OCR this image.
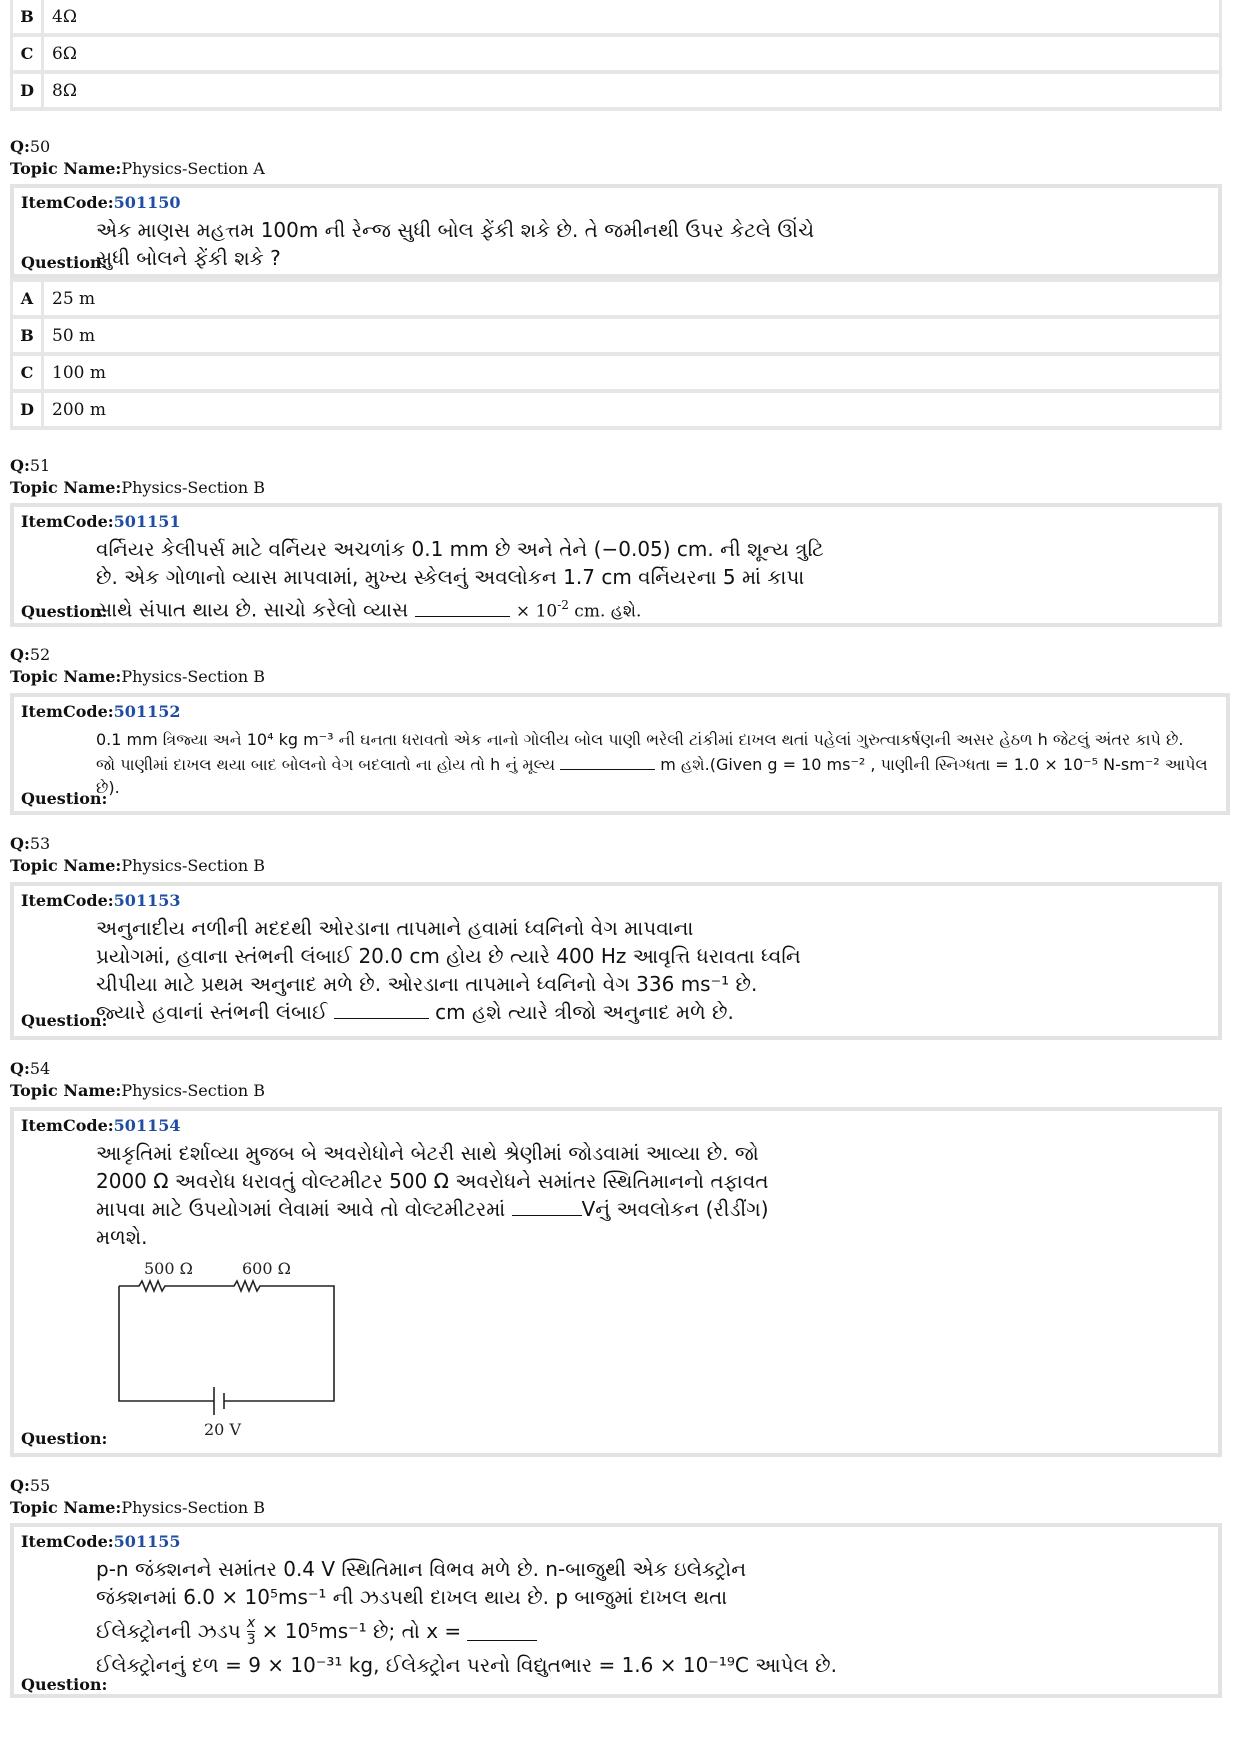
B	4Ω
C	6Ω
D	8Ω
Q:50
Topic Name:Physics-Section A
ItemCode:501150
એક માણસ મહત્તમ 100m ની રેન્જ સુધી બોલ ફેંકી શકે છે. તે જમીનથી ઉપર કેટલે ઊંચે
સુધી બોલને ફેંકી શકે ?
Question:
A	25 m
B	50 m
C	100 m
D	200 m
Q:51
Topic Name:Physics-Section B
ItemCode:501151
વર્નિયર કેલીપર્સ માટે વર્નિયર અચળાંક 0.1 mm છે અને તેને (−0.05) cm. ની શૂન્ય ત્રુટિ
છે. એક ગોળાનો વ્યાસ માપવામાં, મુખ્ય સ્કેલનું અવલોકન 1.7 cm વર્નિયરના 5 માં કાપા
સાથે સંપાત થાય છે. સાચો કરેલો વ્યાસ	× $10^{-2}$ cm. હશે.
Question:
Q:52
Topic Name:Physics-Section B
ItemCode:501152
0.1 mm ત્રિજ્યા અને 10⁴ kg m⁻³ ની ઘનતા ધરાવતો એક નાનો ગોલીય બોલ પાણી ભરેલી ટાંકીમાં દાખલ થતાં પહેલાં ગુરુત્વાકર્ષણની અસર હેઠળ h જેટલું અંતર કાપે છે.
જો પાણીમાં દાખલ થયા બાદ બોલનો વેગ બદલાતો ના હોય તો h નું મૂલ્ય	m હશે.(Given g = 10 ms⁻² , પાણીની સ્નિગ્ધતા = 1.0 × 10⁻⁵ N-sm⁻² આપેલ
છે).
Question:
Q:53
Topic Name:Physics-Section B
ItemCode:501153
અનુનાદીય નળીની મદદથી ઓરડાના તાપમાને હવામાં ધ્વનિનો વેગ માપવાના
પ્રયોગમાં, હવાના સ્તંભની લંબાઈ 20.0 cm હોય છે ત્યારે 400 Hz આવૃત્તિ ધરાવતા ધ્વનિ
ચીપીયા માટે પ્રથમ અનુનાદ મળે છે. ઓરડાના તાપમાને ધ્વનિનો વેગ 336 ms⁻¹ છે.
જ્યારે હવાનાં સ્તંભની લંબાઈ	cm હશે ત્યારે ત્રીજો અનુનાદ મળે છે.
Question:
Q:54
Topic Name:Physics-Section B
ItemCode:501154
આકૃતિમાં દર્શાવ્યા મુજબ બે અવરોધોને બેટરી સાથે શ્રેણીમાં જોડવામાં આવ્યા છે. જો
2000 Ω અવરોધ ધરાવતું વોલ્ટમીટર 500 Ω અવરોધને સમાંતર સ્થિતિમાનનો તફાવત
માપવા માટે ઉપયોગમાં લેવામાં આવે તો વોલ્ટમીટરમાં	Vનું અવલોકન (રીડીંગ)
મળશે.
500 Ω	600 Ω
20 V
Question:
Q:55
Topic Name:Physics-Section B
ItemCode:501155
p-n જંક્શનને સમાંતર 0.4 V સ્થિતિમાન વિભવ મળે છે. n-બાજુથી એક ઇલેક્ટ્રોન
જંક્શનમાં 6.0 × 10⁵ms⁻¹ ની ઝડપથી દાખલ થાય છે. p બાજુમાં દાખલ થતા
ઈલેક્ટ્રોનની ઝડપ $\frac{x}{3} \times 10^5ms^{-1}$ છે; તો x =
ઈલેક્ટ્રોનનું દળ = 9 × 10⁻³¹ kg, ઈલેક્ટ્રોન પરનો વિદ્યુતભાર = 1.6 × 10⁻¹⁹C આપેલ છે.
Question:
